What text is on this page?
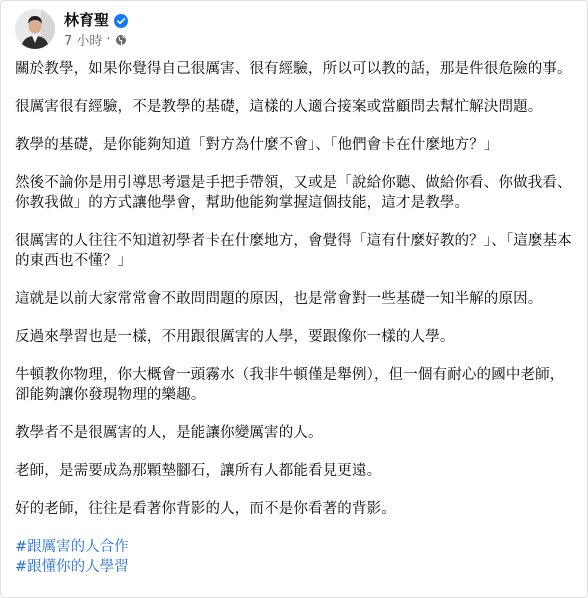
林育聖
7 小時 ·

關於教學，如果你覺得自己很厲害、很有經驗，所以可以教的話，那是件很危險的事。

很厲害很有經驗，不是教學的基礎，這樣的人適合接案或當顧問去幫忙解決問題。

教學的基礎，是你能夠知道「對方為什麼不會」、「他們會卡在什麼地方？」

然後不論你是用引導思考還是手把手帶領，又或是「說給你聽、做給你看、你做我看、你教我做」的方式讓他學會，幫助他能夠掌握這個技能，這才是教學。

很厲害的人往往不知道初學者卡在什麼地方，會覺得「這有什麼好教的？」、「這麼基本的東西也不懂？」

這就是以前大家常常會不敢問問題的原因，也是常會對一些基礎一知半解的原因。

反過來學習也是一樣，不用跟很厲害的人學，要跟像你一樣的人學。

牛頓教你物理，你大概會一頭霧水（我非牛頓僅是舉例），但一個有耐心的國中老師，卻能夠讓你發現物理的樂趣。

教學者不是很厲害的人，是能讓你變厲害的人。

老師，是需要成為那顆墊腳石，讓所有人都能看見更遠。

好的老師，往往是看著你背影的人，而不是你看著的背影。

#跟厲害的人合作
#跟懂你的人學習
